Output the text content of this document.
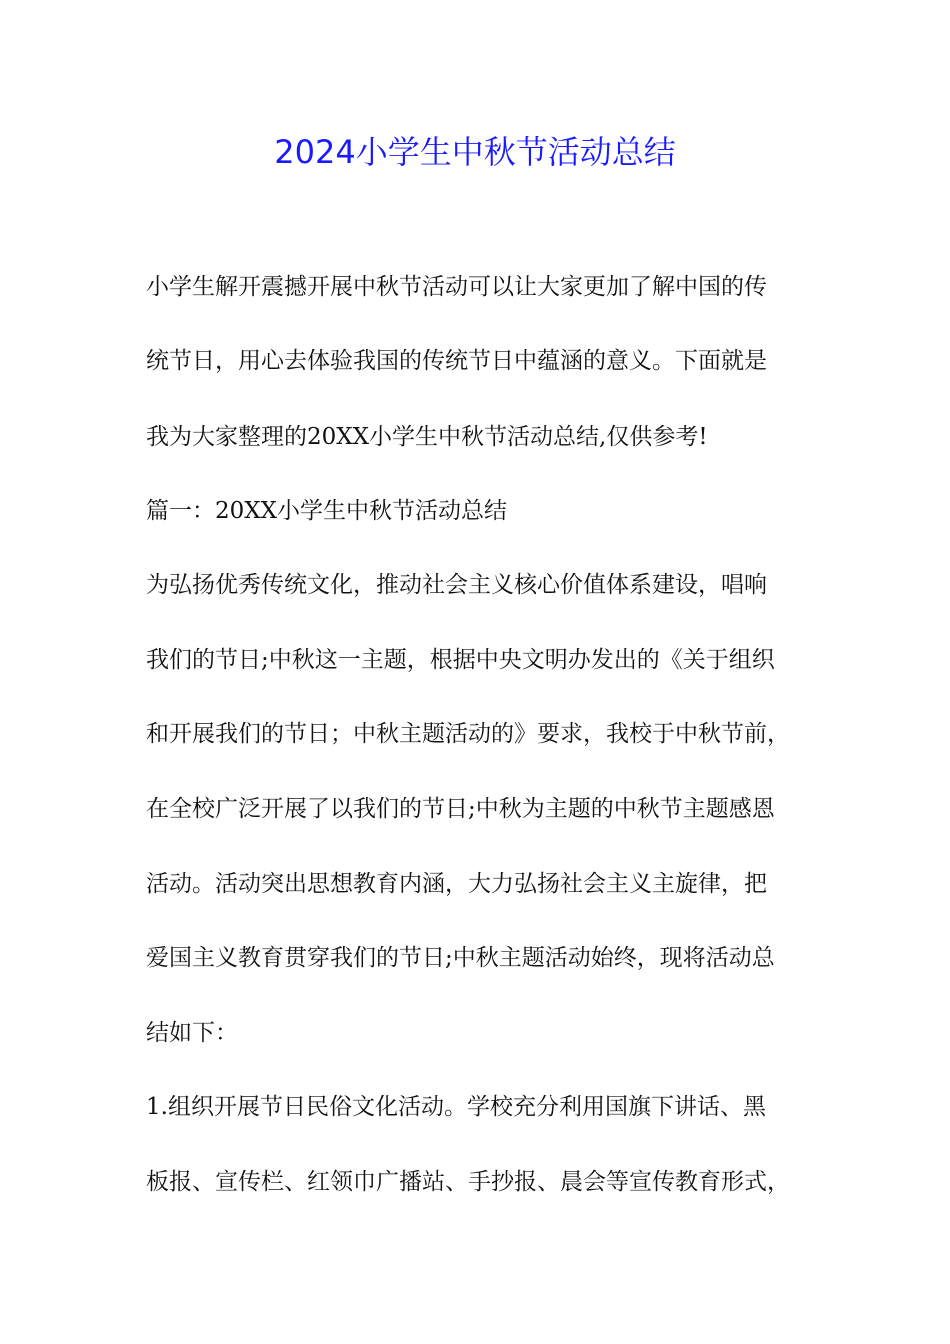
2024小学生中秋节活动总结

小学生解开震撼开展中秋节活动可以让大家更加了解中国的传

统节日，用心去体验我国的传统节日中蕴涵的意义。下面就是

我为大家整理的20XX小学生中秋节活动总结,仅供参考!

篇一：20XX小学生中秋节活动总结

为弘扬优秀传统文化，推动社会主义核心价值体系建设，唱响

我们的节日;中秋这一主题，根据中央文明办发出的《关于组织

和开展我们的节日；中秋主题活动的》要求，我校于中秋节前，

在全校广泛开展了以我们的节日;中秋为主题的中秋节主题感恩

活动。活动突出思想教育内涵，大力弘扬社会主义主旋律，把

爱国主义教育贯穿我们的节日;中秋主题活动始终，现将活动总

结如下：

1.组织开展节日民俗文化活动。学校充分利用国旗下讲话、黑

板报、宣传栏、红领巾广播站、手抄报、晨会等宣传教育形式，
